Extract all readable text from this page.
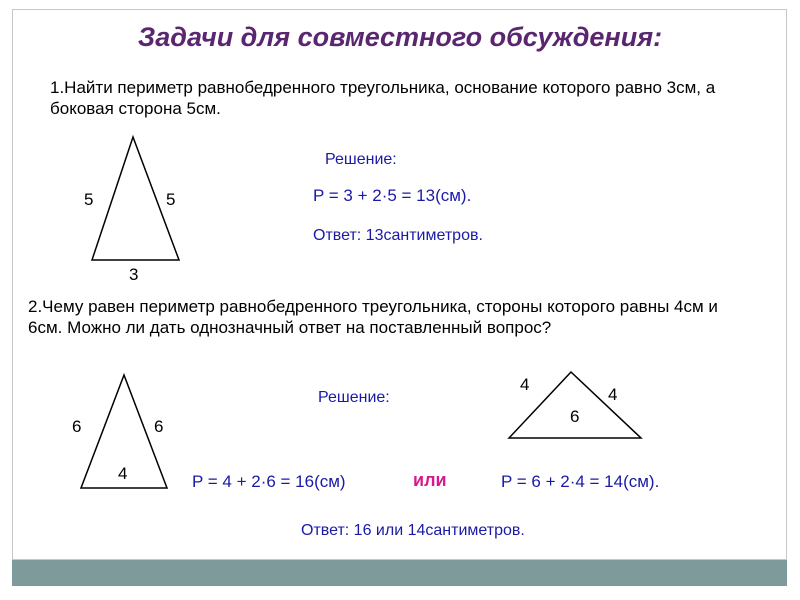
Задачи для совместного обсуждения:
1.Найти периметр равнобедренного треугольника, основание которого равно 3см, а боковая сторона 5см.
5	5
3
Решение:
P = 3 + 2·5 = 13(см).
Ответ: 13сантиметров.
2.Чему равен периметр равнобедренного треугольника, стороны которого равны 4см и 6см. Можно ли дать однозначный ответ на поставленный вопрос?
6	6
4
4
4
6
Решение:
P = 4 + 2·6 = 16(см)	или	P = 6 + 2·4 = 14(см).
Ответ: 16 или 14сантиметров.
